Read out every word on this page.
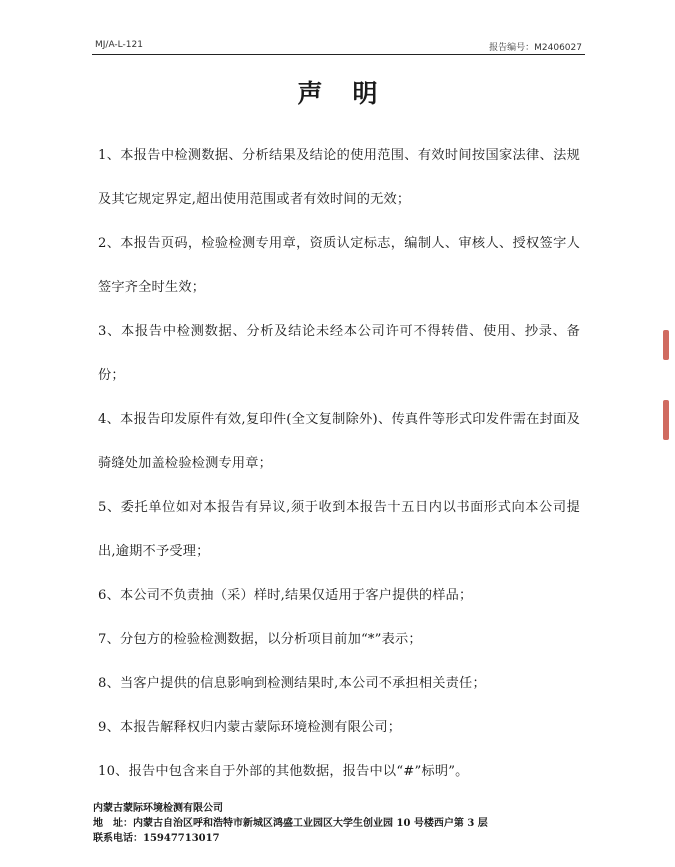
MJ/A-L-121	报告编号：M2406027
声明

1、本报告中检测数据、分析结果及结论的使用范围、有效时间按国家法律、法规及其它规定界定,超出使用范围或者有效时间的无效；

2、本报告页码，检验检测专用章，资质认定标志，编制人、审核人、授权签字人签字齐全时生效；

3、本报告中检测数据、分析及结论未经本公司许可不得转借、使用、抄录、备份；

4、本报告印发原件有效,复印件(全文复制除外)、传真件等形式印发件需在封面及骑缝处加盖检验检测专用章；

5、委托单位如对本报告有异议,须于收到本报告十五日内以书面形式向本公司提出,逾期不予受理；

6、本公司不负责抽（采）样时,结果仅适用于客户提供的样品；

7、分包方的检验检测数据，以分析项目前加“*”表示；

8、当客户提供的信息影响到检测结果时,本公司不承担相关责任；

9、本报告解释权归内蒙古蒙际环境检测有限公司；

10、报告中包含来自于外部的其他数据，报告中以“#”标明”。

内蒙古蒙际环境检测有限公司
地　址：内蒙古自治区呼和浩特市新城区鸿盛工业园区大学生创业园 10 号楼西户第 3 层
联系电话：15947713017
